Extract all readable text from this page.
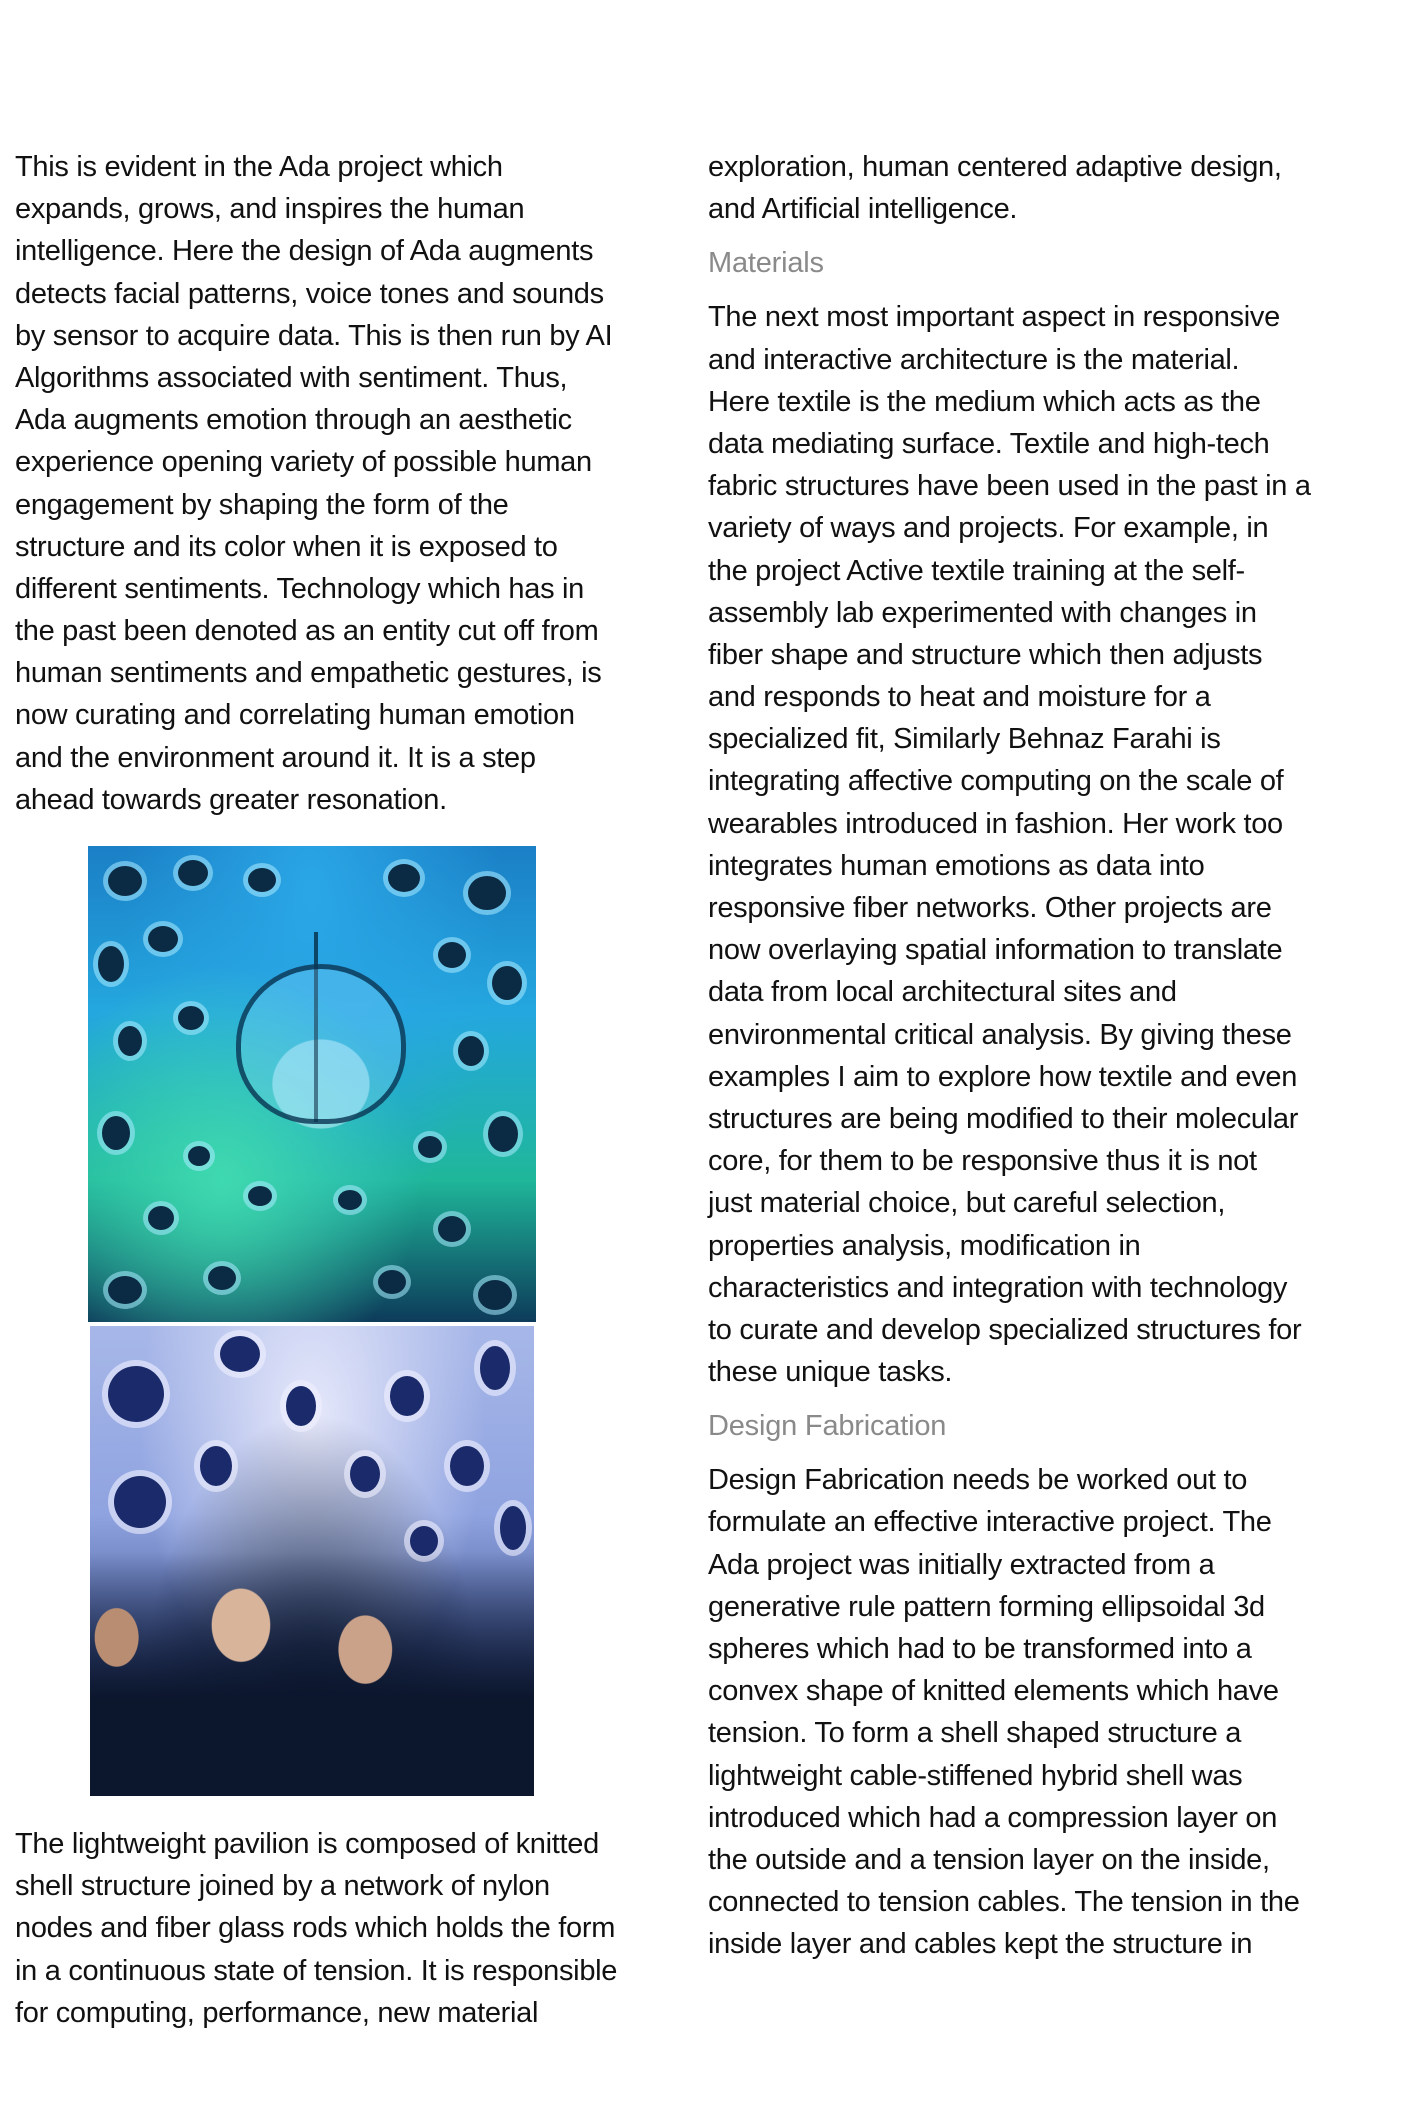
This is evident in the Ada project which
expands, grows, and inspires the human
intelligence. Here the design of Ada augments
detects facial patterns, voice tones and sounds
by sensor to acquire data. This is then run by AI
Algorithms associated with sentiment. Thus,
Ada augments emotion through an aesthetic
experience opening variety of possible human
engagement by shaping the form of the
structure and its color when it is exposed to
different sentiments. Technology which has in
the past been denoted as an entity cut off from
human sentiments and empathetic gestures, is
now curating and correlating human emotion
and the environment around it. It is a step
ahead towards greater resonation.
The lightweight pavilion is composed of knitted
shell structure joined by a network of nylon
nodes and fiber glass rods which holds the form
in a continuous state of tension. It is responsible
for computing, performance, new material
exploration, human centered adaptive design,
and Artificial intelligence.
Materials
The next most important aspect in responsive
and interactive architecture is the material.
Here textile is the medium which acts as the
data mediating surface. Textile and high-tech
fabric structures have been used in the past in a
variety of ways and projects. For example, in
the project Active textile training at the self-
assembly lab experimented with changes in
fiber shape and structure which then adjusts
and responds to heat and moisture for a
specialized fit, Similarly Behnaz Farahi is
integrating affective computing on the scale of
wearables introduced in fashion. Her work too
integrates human emotions as data into
responsive fiber networks. Other projects are
now overlaying spatial information to translate
data from local architectural sites and
environmental critical analysis. By giving these
examples I aim to explore how textile and even
structures are being modified to their molecular
core, for them to be responsive thus it is not
just material choice, but careful selection,
properties analysis, modification in
characteristics and integration with technology
to curate and develop specialized structures for
these unique tasks.
Design Fabrication
Design Fabrication needs be worked out to
formulate an effective interactive project. The
Ada project was initially extracted from a
generative rule pattern forming ellipsoidal 3d
spheres which had to be transformed into a
convex shape of knitted elements which have
tension. To form a shell shaped structure a
lightweight cable-stiffened hybrid shell was
introduced which had a compression layer on
the outside and a tension layer on the inside,
connected to tension cables. The tension in the
inside layer and cables kept the structure in
